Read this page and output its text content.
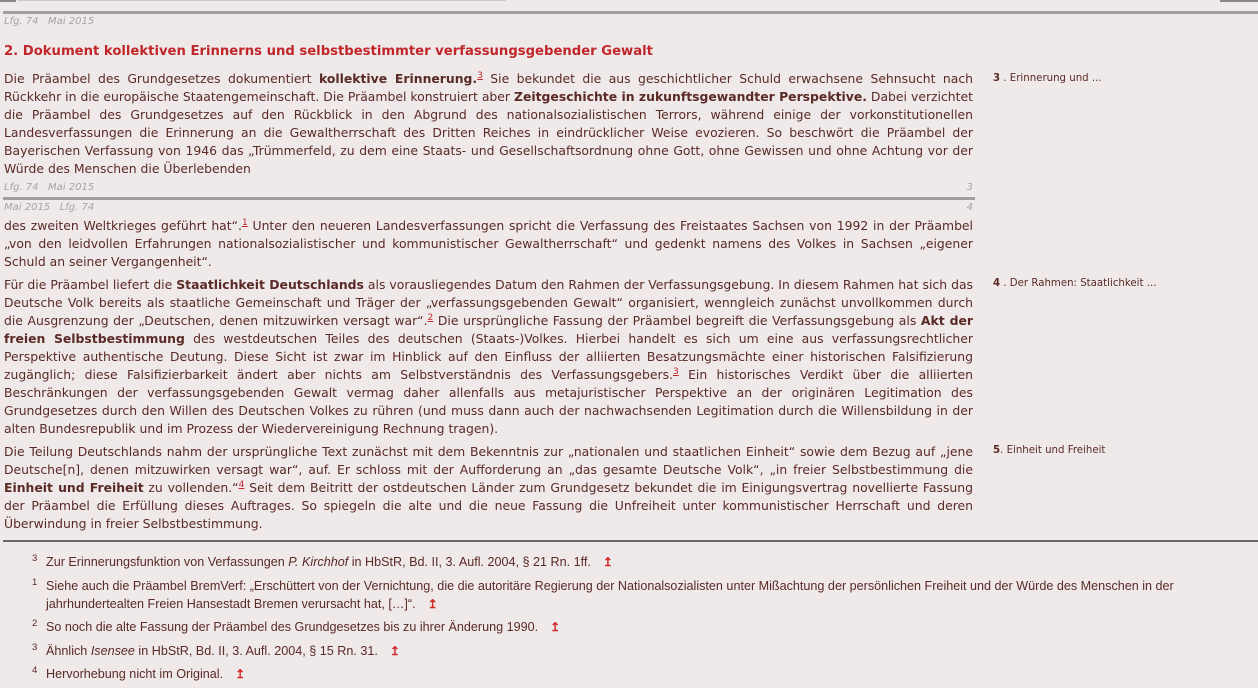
Lfg. 74   Mai 2015
2. Dokument kollektiven Erinnerns und selbstbestimmter verfassungsgebender Gewalt
Die Präambel des Grundgesetzes dokumentiert kollektive Erinnerung.$^3$ Sie bekundet die aus geschichtlicher Schuld erwachsene Sehnsucht nach Rückkehr in die europäische Staatengemeinschaft. Die Präambel konstruiert aber Zeitgeschichte in zukunftsgewandter Perspektive. Dabei verzichtet die Präambel des Grundgesetzes auf den Rückblick in den Abgrund des nationalsozialistischen Terrors, während einige der vorkonstitutionellen Landesverfassungen die Erinnerung an die Gewaltherrschaft des Dritten Reiches in eindrücklicher Weise evozieren. So beschwört die Präambel der Bayerischen Verfassung von 1946 das „Trümmerfeld, zu dem eine Staats- und Gesellschaftsordnung ohne Gott, ohne Gewissen und ohne Achtung vor der Würde des Menschen die Überlebenden
3 . Erinnerung und ...
Lfg. 74   Mai 2015	3
Mai 2015   Lfg. 74	4
des zweiten Weltkrieges geführt hat“.$^1$ Unter den neueren Landesverfassungen spricht die Verfassung des Freistaates Sachsen von 1992 in der Präambel „von den leidvollen Erfahrungen nationalsozialistischer und kommunistischer Gewaltherrschaft“ und gedenkt namens des Volkes in Sachsen „eigener Schuld an seiner Vergangenheit“.
Für die Präambel liefert die Staatlichkeit Deutschlands als vorausliegendes Datum den Rahmen der Verfassungsgebung. In diesem Rahmen hat sich das Deutsche Volk bereits als staatliche Gemeinschaft und Träger der „verfassungsgebenden Gewalt“ organisiert, wenngleich zunächst unvollkommen durch die Ausgrenzung der „Deutschen, denen mitzuwirken versagt war“.$^2$ Die ursprüngliche Fassung der Präambel begreift die Verfassungsgebung als Akt der freien Selbstbestimmung des westdeutschen Teiles des deutschen (Staats-)Volkes. Hierbei handelt es sich um eine aus verfassungsrechtlicher Perspektive authentische Deutung. Diese Sicht ist zwar im Hinblick auf den Einfluss der alliierten Besatzungsmächte einer historischen Falsifizierung zugänglich; diese Falsifizierbarkeit ändert aber nichts am Selbstverständnis des Verfassungsgebers.$^3$ Ein historisches Verdikt über die alliierten Beschränkungen der verfassungsgebenden Gewalt vermag daher allenfalls aus metajuristischer Perspektive an der originären Legitimation des Grundgesetzes durch den Willen des Deutschen Volkes zu rühren (und muss dann auch der nachwachsenden Legitimation durch die Willensbildung in der alten Bundesrepublik und im Prozess der Wiedervereinigung Rechnung tragen).
4 . Der Rahmen: Staatlichkeit ...
Die Teilung Deutschlands nahm der ursprüngliche Text zunächst mit dem Bekenntnis zur „nationalen und staatlichen Einheit“ sowie dem Bezug auf „jene Deutsche[n], denen mitzuwirken versagt war“, auf. Er schloss mit der Aufforderung an „das gesamte Deutsche Volk“, „in freier Selbstbestimmung die Einheit und Freiheit zu vollenden.“$^4$ Seit dem Beitritt der ostdeutschen Länder zum Grundgesetz bekundet die im Einigungsvertrag novellierte Fassung der Präambel die Erfüllung dieses Auftrages. So spiegeln die alte und die neue Fassung die Unfreiheit unter kommunistischer Herrschaft und deren Überwindung in freier Selbstbestimmung.
5. Einheit und Freiheit
3 Zur Erinnerungsfunktion von Verfassungen P. Kirchhof in HbStR, Bd. II, 3. Aufl. 2004, § 21 Rn. 1ff. ↥
1 Siehe auch die Präambel BremVerf: „Erschüttert von der Vernichtung, die die autoritäre Regierung der Nationalsozialisten unter Mißachtung der persönlichen Freiheit und der Würde des Menschen in der jahrhundertealten Freien Hansestadt Bremen verursacht hat, […]“. ↥
2 So noch die alte Fassung der Präambel des Grundgesetzes bis zu ihrer Änderung 1990. ↥
3 Ähnlich Isensee in HbStR, Bd. II, 3. Aufl. 2004, § 15 Rn. 31. ↥
4 Hervorhebung nicht im Original. ↥
